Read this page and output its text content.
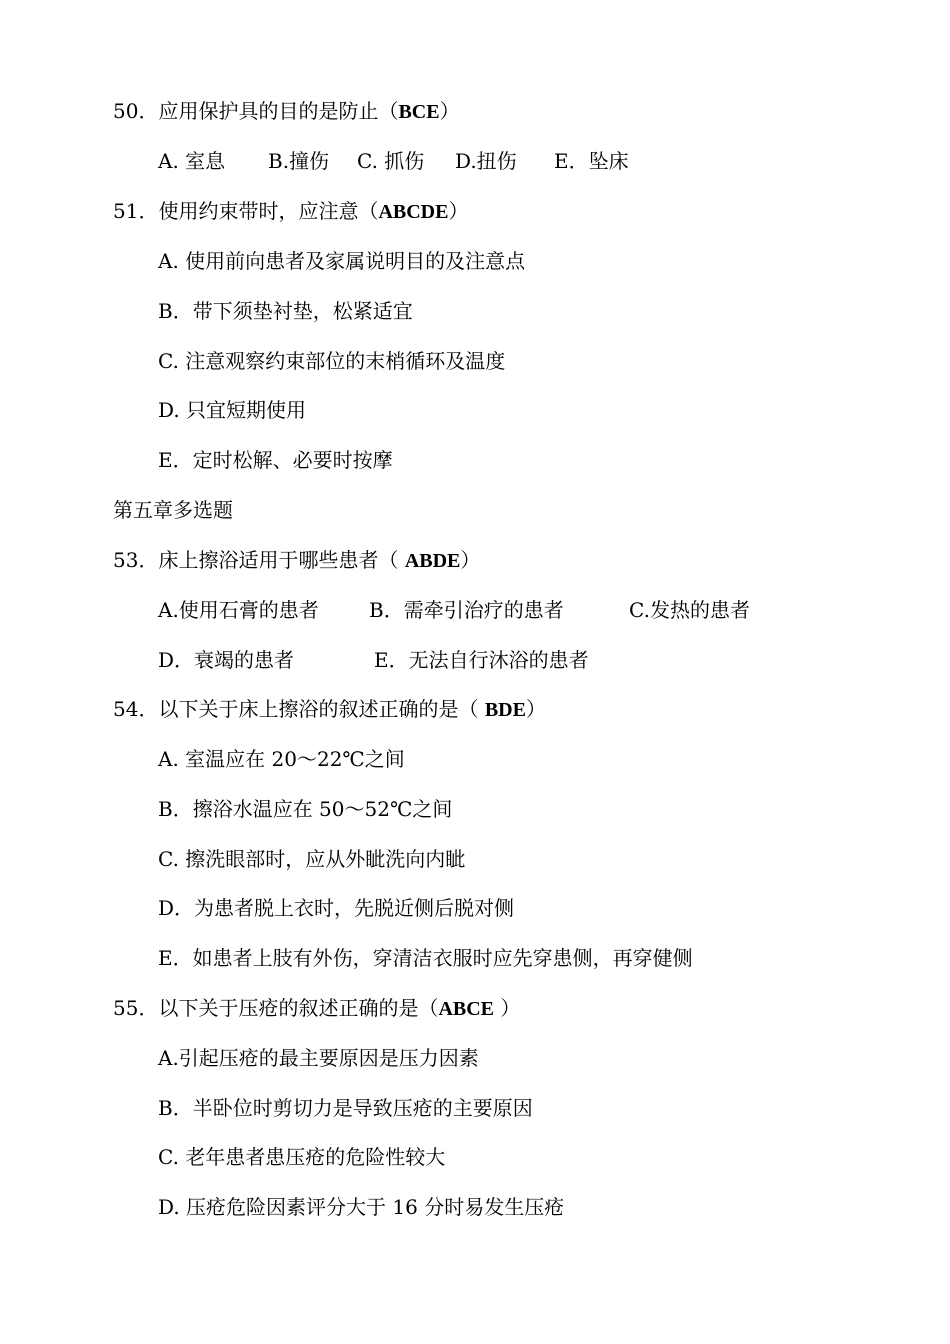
50．应用保护具的目的是防止（BCE）
A. 室息 B.撞伤 C. 抓伤 D.扭伤 E．坠床
51．使用约束带时，应注意（ABCDE）
A. 使用前向患者及家属说明目的及注意点
B．带下须垫衬垫，松紧适宜
C. 注意观察约束部位的末梢循环及温度
D. 只宜短期使用
E．定时松解、必要时按摩
第五章多选题
53．床上擦浴适用于哪些患者（ ABDE）
A.使用石膏的患者	B．需牵引治疗的患者	C.发热的患者
D．衰竭的患者	E．无法自行沐浴的患者
54．以下关于床上擦浴的叙述正确的是（ BDE）
A. 室温应在 20～22℃之间
B．擦浴水温应在 50～52℃之间
C. 擦洗眼部时，应从外眦洗向内眦
D．为患者脱上衣时，先脱近侧后脱对侧
E．如患者上肢有外伤，穿清洁衣服时应先穿患侧，再穿健侧
55．以下关于压疮的叙述正确的是（ABCE ）
A.引起压疮的最主要原因是压力因素
B．半卧位时剪切力是导致压疮的主要原因
C. 老年患者患压疮的危险性较大
D. 压疮危险因素评分大于 16 分时易发生压疮
